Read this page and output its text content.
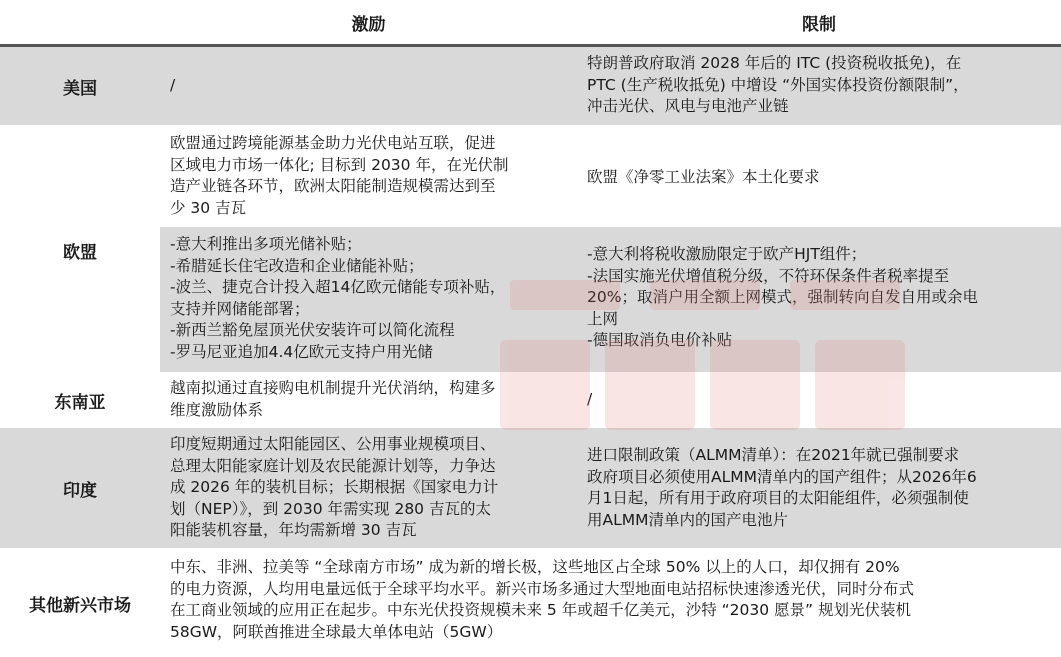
激励	限制
美国	/
特朗普政府取消 2028 年后的 ITC (投资税收抵免)，在
PTC (生产税收抵免) 中增设 “外国实体投资份额限制”，
冲击光伏、风电与电池产业链
欧盟
欧盟通过跨境能源基金助力光伏电站互联，促进
区域电力市场一体化; 目标到 2030 年，在光伏制
造产业链各环节，欧洲太阳能制造规模需达到至
少 30 吉瓦
欧盟《净零工业法案》本土化要求
-意大利推出多项光储补贴；
-希腊延长住宅改造和企业储能补贴；
-波兰、捷克合计投入超14亿欧元储能专项补贴，
支持并网储能部署；
-新西兰豁免屋顶光伏安装许可以简化流程
-罗马尼亚追加4.4亿欧元支持户用光储
-意大利将税收激励限定于欧产HJT组件；
-法国实施光伏增值税分级，不符环保条件者税率提至
20%；取消户用全额上网模式，强制转向自发自用或余电
上网
-德国取消负电价补贴
东南亚
越南拟通过直接购电机制提升光伏消纳，构建多
维度激励体系
/
印度
印度短期通过太阳能园区、公用事业规模项目、
总理太阳能家庭计划及农民能源计划等，力争达
成 2026 年的装机目标；长期根据《国家电力计
划（NEP）》，到 2030 年需实现 280 吉瓦的太
阳能装机容量，年均需新增 30 吉瓦
进口限制政策（ALMM清单）：在2021年就已强制要求
政府项目必须使用ALMM清单内的国产组件；从2026年6
月1日起，所有用于政府项目的太阳能组件，必须强制使
用ALMM清单内的国产电池片
其他新兴市场
中东、非洲、拉美等 “全球南方市场” 成为新的增长极，这些地区占全球 50% 以上的人口，却仅拥有 20%
的电力资源，人均用电量远低于全球平均水平。新兴市场多通过大型地面电站招标快速渗透光伏，同时分布式
在工商业领域的应用正在起步。中东光伏投资规模未来 5 年或超千亿美元，沙特 “2030 愿景” 规划光伏装机
58GW，阿联酋推进全球最大单体电站（5GW）
